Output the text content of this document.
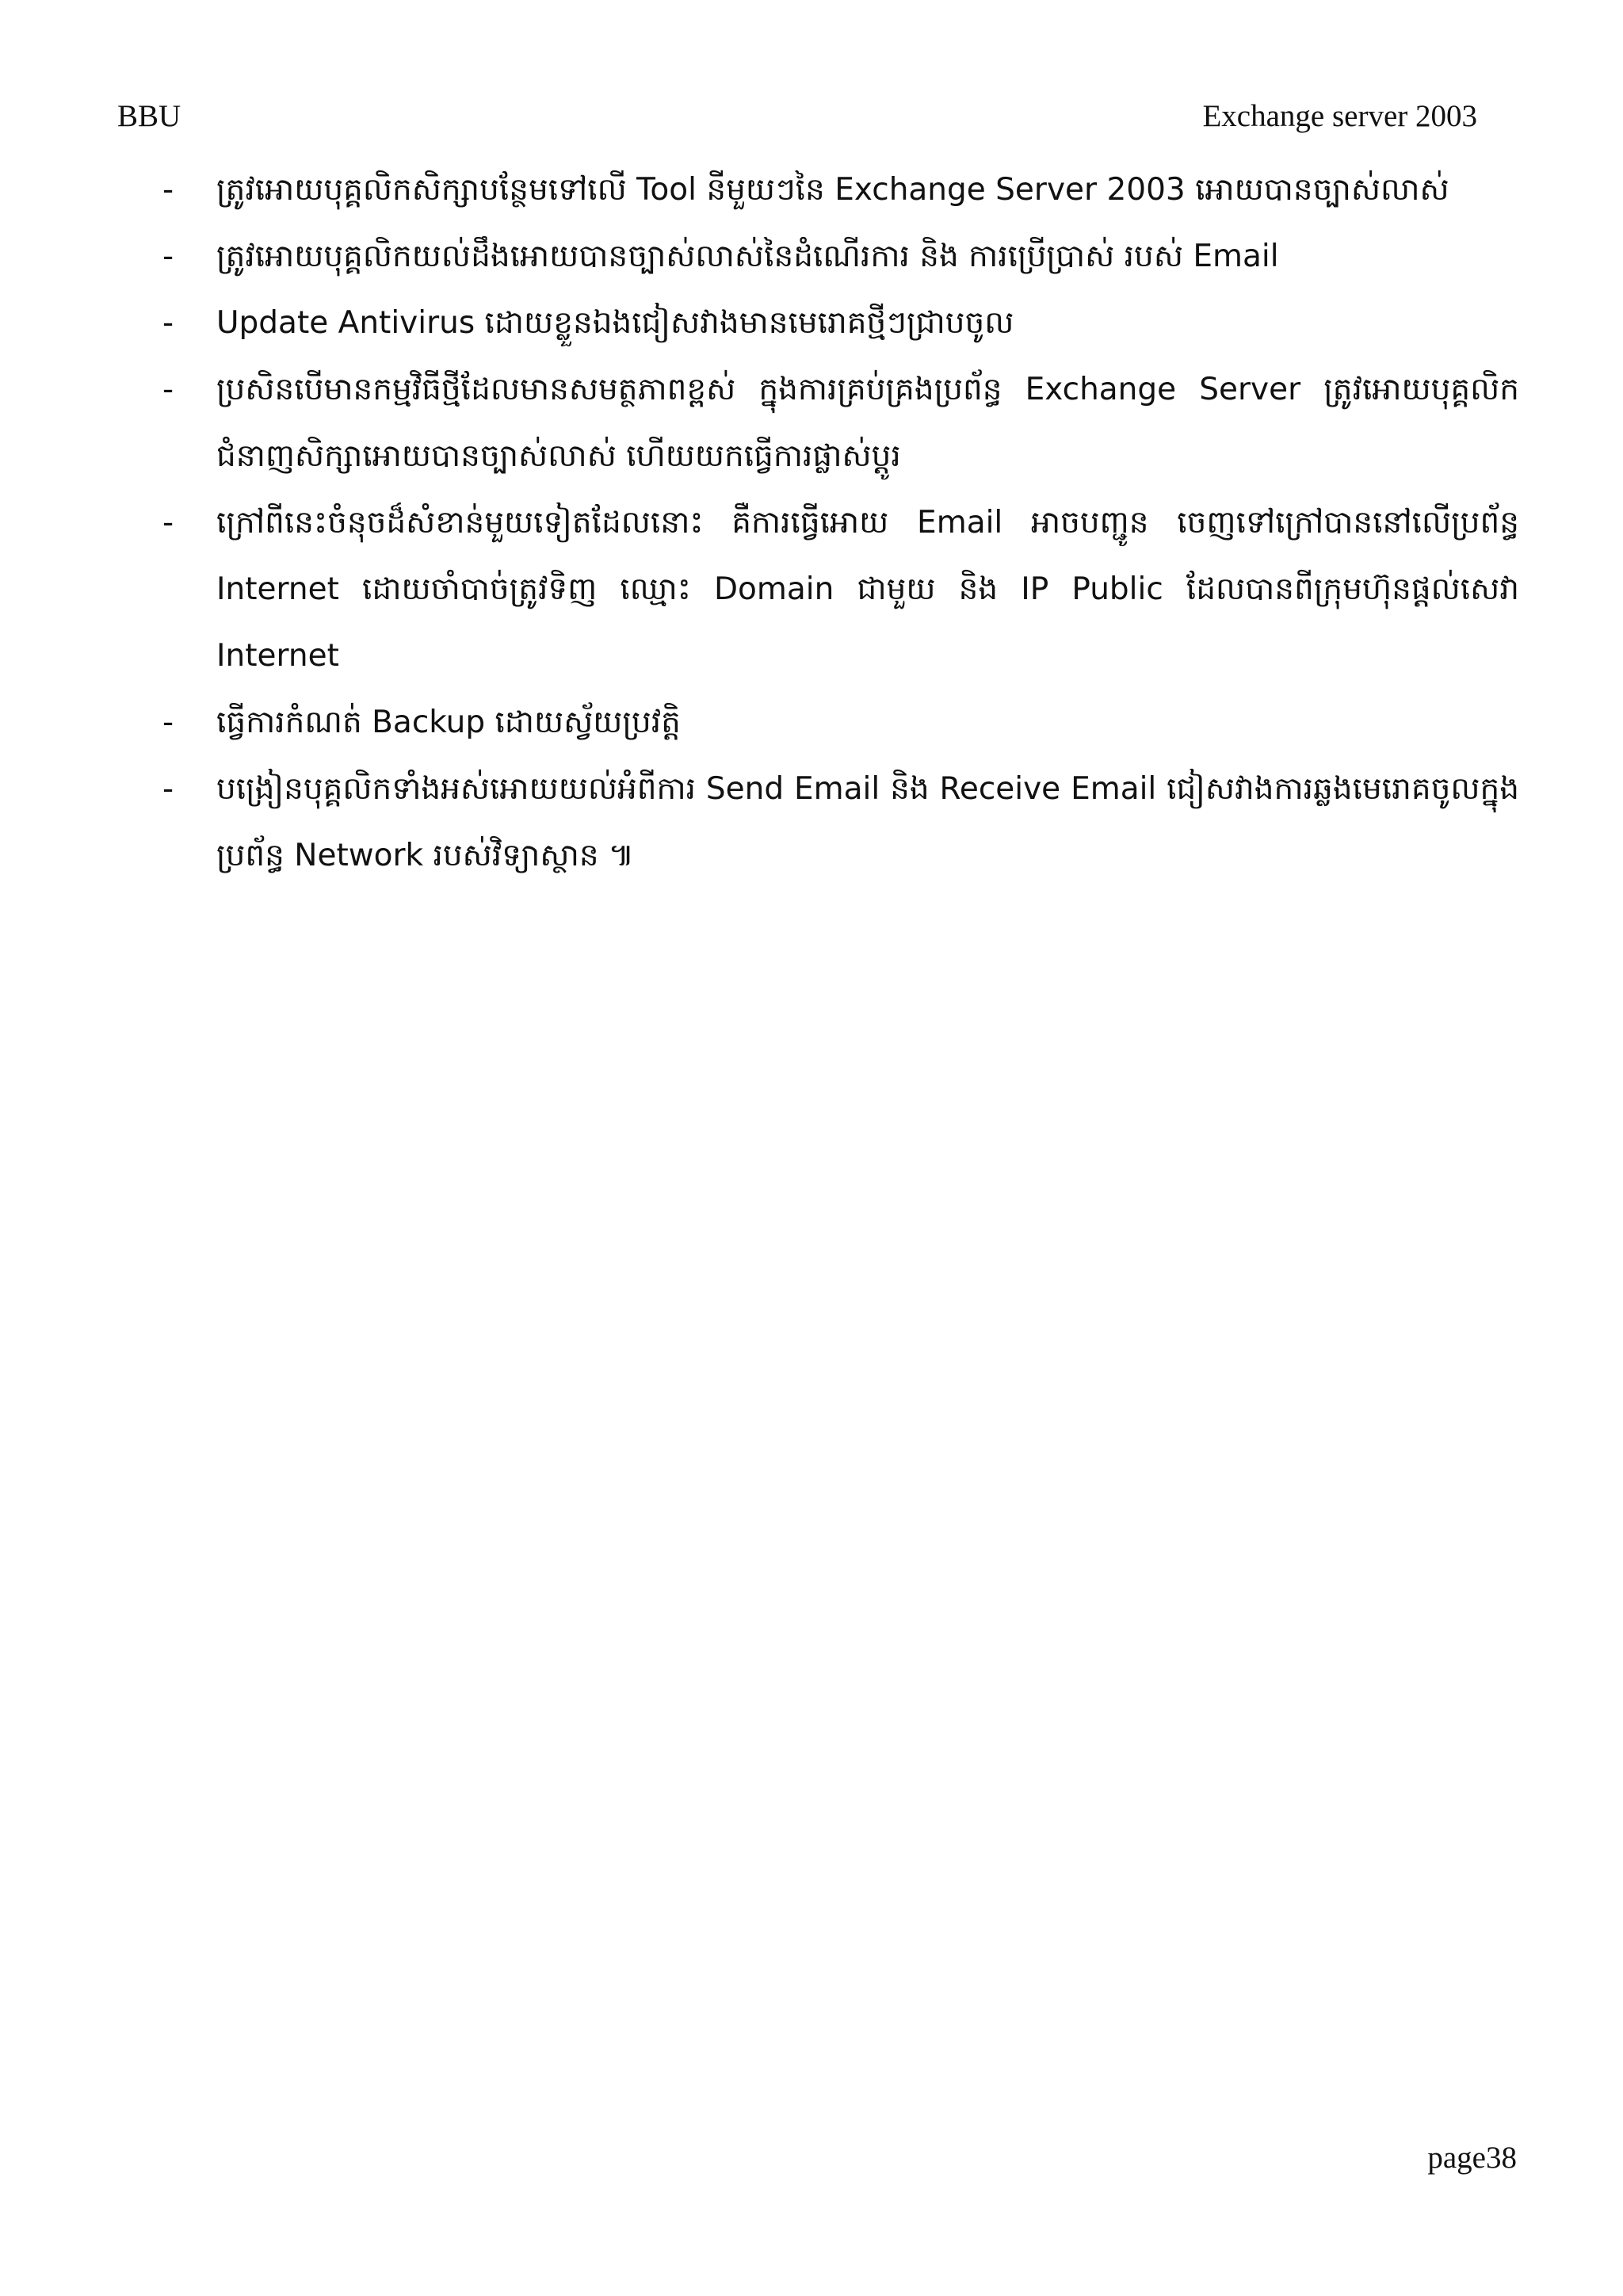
BBU	Exchange server 2003
- ត្រូវអោយបុគ្គលិកសិក្សាបន្ថែមទៅលើ Tool នីមួយៗនៃ Exchange Server 2003 អោយបានច្បាស់លាស់
- ត្រូវអោយបុគ្គលិកយល់ដឹងអោយបានច្បាស់លាស់នៃដំណើរការ និង ការប្រើប្រាស់ របស់ Email
- Update Antivirus ដោយខ្លួនឯងជៀសវាងមានមេរោគថ្មីៗជ្រាបចូល
- ប្រសិនបើមានកម្មវិធីថ្មីដែលមានសមត្ថភាពខ្ពស់ ក្នុងការគ្រប់គ្រងប្រព័ន្ធ Exchange Server ត្រូវអោយបុគ្គលិកជំនាញសិក្សាអោយបានច្បាស់លាស់ ហើយយកធ្វើការផ្លាស់ប្តូរ
- ក្រៅពីនេះចំនុចដ៏សំខាន់មួយទៀតដែលនោះ គឺការធ្វើអោយ Email អាចបញ្ជូន ចេញទៅក្រៅបាននៅលើប្រព័ន្ធ Internet ដោយចាំបាច់ត្រូវទិញ ឈ្មោះ Domain ជាមួយ និង IP Public ដែលបានពីក្រុមហ៊ុនផ្តល់សេវា Internet
- ធ្វើការកំណត់ Backup ដោយស្វ័យប្រវត្តិ
- បង្រៀនបុគ្គលិកទាំងអស់អោយយល់អំពីការ Send Email និង Receive Email ជៀសវាងការឆ្លងមេរោគចូលក្នុងប្រព័ន្ធ Network របស់វិទ្យាស្ថាន ៕
page38
